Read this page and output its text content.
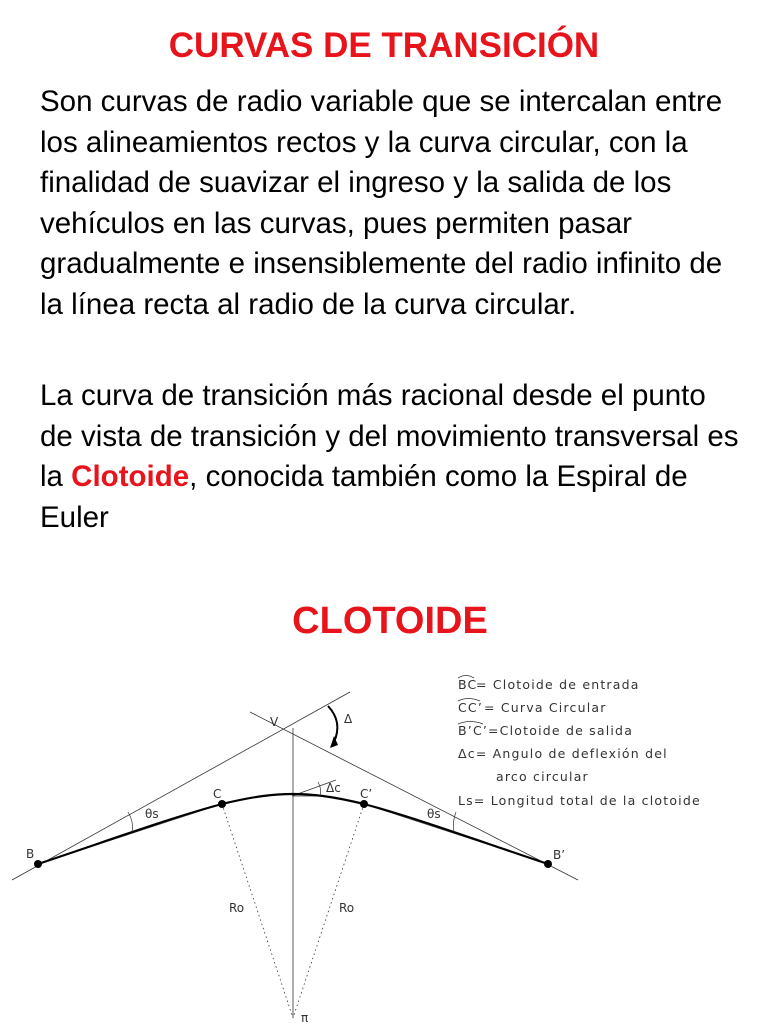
CURVAS DE TRANSICIÓN

Son curvas de radio variable que se intercalan entre los alineamientos rectos y la curva circular, con la finalidad de suavizar el ingreso y la salida de los vehículos en las curvas, pues permiten pasar gradualmente e insensiblemente del radio infinito de la línea recta al radio de la curva circular.

La curva de transición más racional desde el punto de vista de transición y del movimiento transversal es la Clotoide, conocida también como la Espiral de Euler

CLOTOIDE
V	Δ
C	C’
B	B’
θs	θs
Δc
Ro	Ro
π
BC
= Clotoide de entrada
CC’ = Curva Circular
B’C’ =Clotoide de salida
Δc= Angulo de deflexión del
arco circular
Ls= Longitud total de la clotoide
